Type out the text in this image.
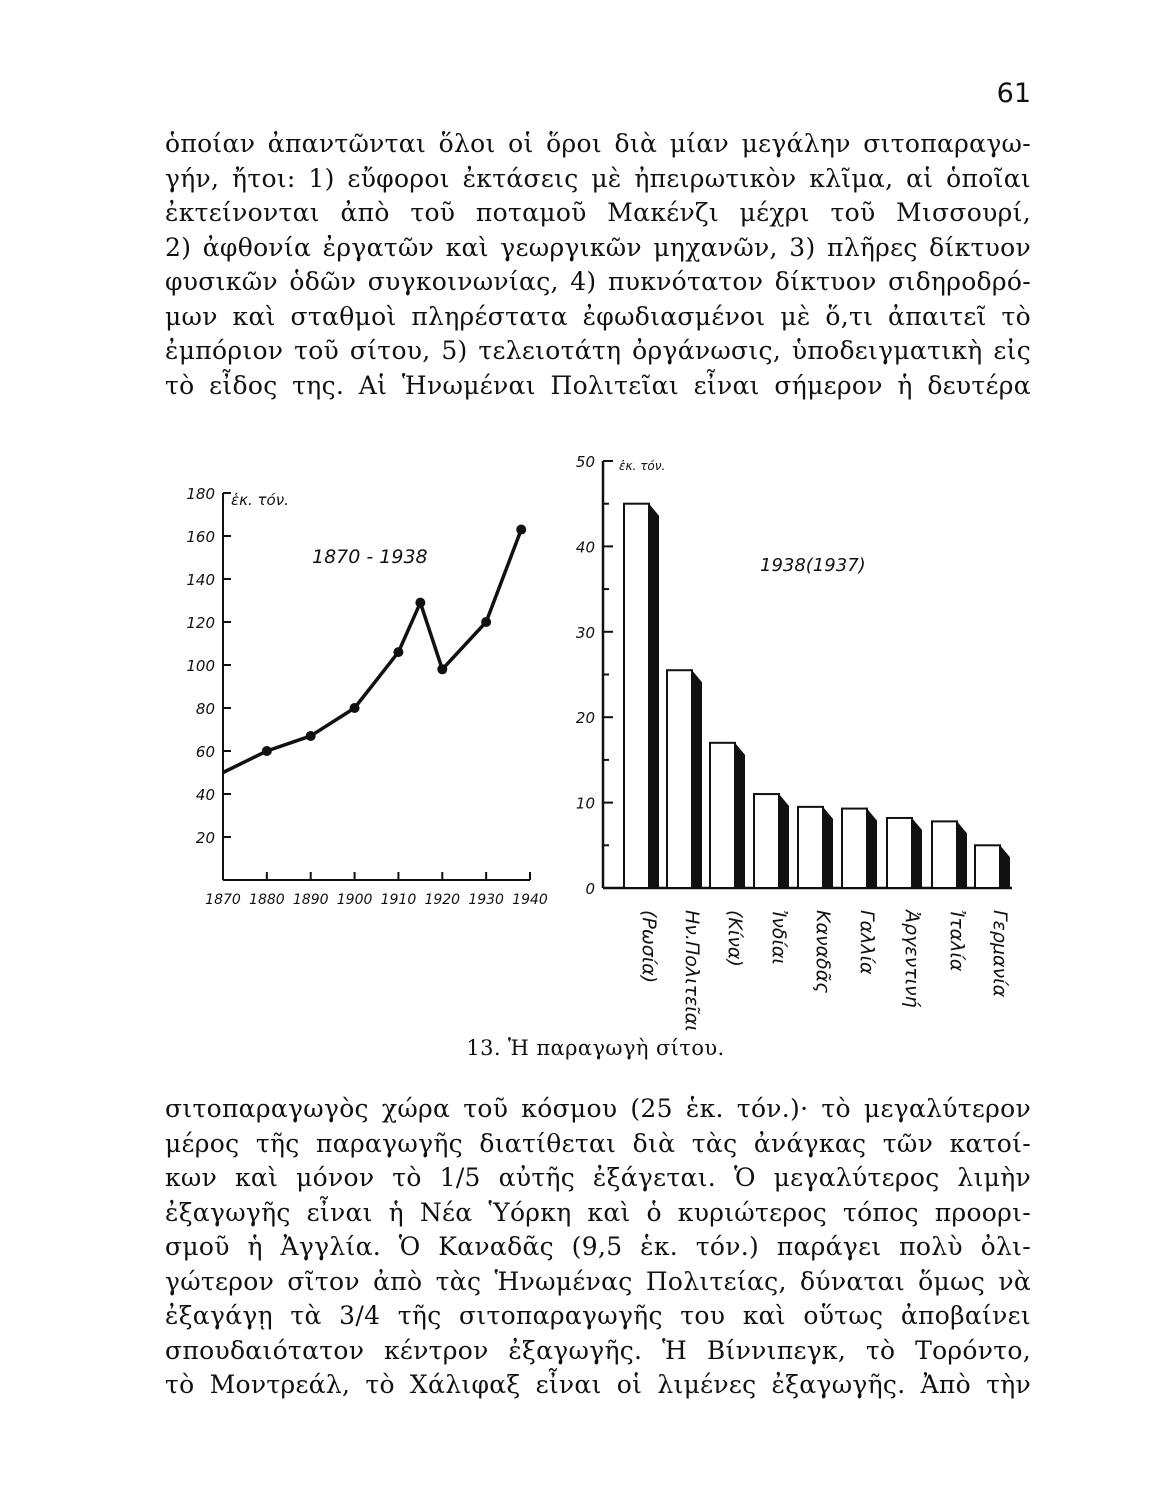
61
ὁποίαν ἀπαντῶνται ὅλοι οἱ ὅροι διὰ μίαν μεγάλην σιτοπαραγω-
γήν, ἤτοι: 1) εὔφοροι ἐκτάσεις μὲ ἠπειρωτικὸν κλῖμα, αἱ ὁποῖαι
ἐκτείνονται ἀπὸ τοῦ ποταμοῦ Μακένζι μέχρι τοῦ Μισσουρί,
2) ἀφθονία ἐργατῶν καὶ γεωργικῶν μηχανῶν, 3) πλῆρες δίκτυον
φυσικῶν ὁδῶν συγκοινωνίας, 4) πυκνότατον δίκτυον σιδηροδρό-
μων καὶ σταθμοὶ πληρέστατα ἐφωδιασμένοι μὲ ὅ,τι ἀπαιτεῖ τὸ
ἐμπόριον τοῦ σίτου, 5) τελειοτάτη ὀργάνωσις, ὑποδειγματικὴ εἰς
τὸ εἶδος της. Αἱ Ἡνωμέναι Πολιτεῖαι εἶναι σήμερον ἡ δευτέρα
20
40
60
80
100
120
140
160
180
1870 1880 1890 1900 1910 1920 1930 1940
ἑκ. τόν.
1870 - 1938
0
10
20
30
40
50 ἑκ. τόν.
1938(1937)
(Ρωσία) Ην.Πολιτεῖαι (Κίνα) Ἰνδίαι Καναδᾶς Γαλλία Ἀργεντινή Ἰταλία Γερμανία
13. Ἡ παραγωγὴ σίτου.
σιτοπαραγωγὸς χώρα τοῦ κόσμου (25 ἑκ. τόν.)· τὸ μεγαλύτερον
μέρος τῆς παραγωγῆς διατίθεται διὰ τὰς ἀνάγκας τῶν κατοί-
κων καὶ μόνον τὸ 1/5 αὐτῆς ἐξάγεται. Ὁ μεγαλύτερος λιμὴν
ἐξαγωγῆς εἶναι ἡ Νέα Ὑόρκη καὶ ὁ κυριώτερος τόπος προορι-
σμοῦ ἡ Ἀγγλία. Ὁ Καναδᾶς (9,5 ἑκ. τόν.) παράγει πολὺ ὀλι-
γώτερον σῖτον ἀπὸ τὰς Ἡνωμένας Πολιτείας, δύναται ὅμως νὰ
ἐξαγάγῃ τὰ 3/4 τῆς σιτοπαραγωγῆς του καὶ οὕτως ἀποβαίνει
σπουδαιότατον κέντρον ἐξαγωγῆς. Ἡ Βίννιπεγκ, τὸ Τορόντο,
τὸ Μοντρεάλ, τὸ Χάλιφαξ εἶναι οἱ λιμένες ἐξαγωγῆς. Ἀπὸ τὴν
